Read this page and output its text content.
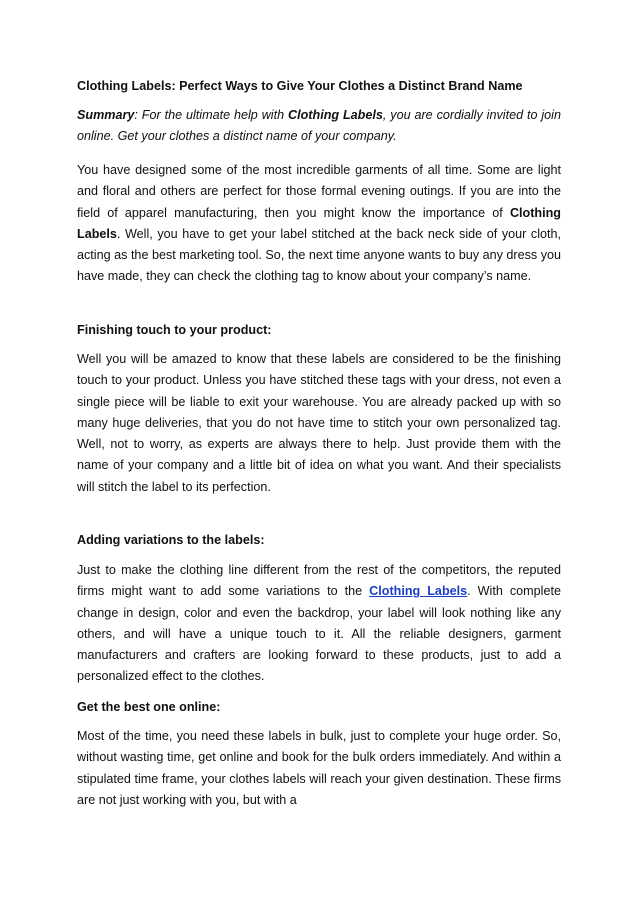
Clothing Labels: Perfect Ways to Give Your Clothes a Distinct Brand Name

Summary: For the ultimate help with Clothing Labels, you are cordially invited to join online. Get your clothes a distinct name of your company.

You have designed some of the most incredible garments of all time. Some are light and floral and others are perfect for those formal evening outings. If you are into the field of apparel manufacturing, then you might know the importance of Clothing Labels. Well, you have to get your label stitched at the back neck side of your cloth, acting as the best marketing tool. So, the next time anyone wants to buy any dress you have made, they can check the clothing tag to know about your company’s name.

Finishing touch to your product:

Well you will be amazed to know that these labels are considered to be the finishing touch to your product. Unless you have stitched these tags with your dress, not even a single piece will be liable to exit your warehouse. You are already packed up with so many huge deliveries, that you do not have time to stitch your own personalized tag. Well, not to worry, as experts are always there to help. Just provide them with the name of your company and a little bit of idea on what you want. And their specialists will stitch the label to its perfection.

Adding variations to the labels:

Just to make the clothing line different from the rest of the competitors, the reputed firms might want to add some variations to the Clothing Labels. With complete change in design, color and even the backdrop, your label will look nothing like any others, and will have a unique touch to it. All the reliable designers, garment manufacturers and crafters are looking forward to these products, just to add a personalized effect to the clothes.

Get the best one online:

Most of the time, you need these labels in bulk, just to complete your huge order. So, without wasting time, get online and book for the bulk orders immediately. And within a stipulated time frame, your clothes labels will reach your given destination. These firms are not just working with you, but with a
